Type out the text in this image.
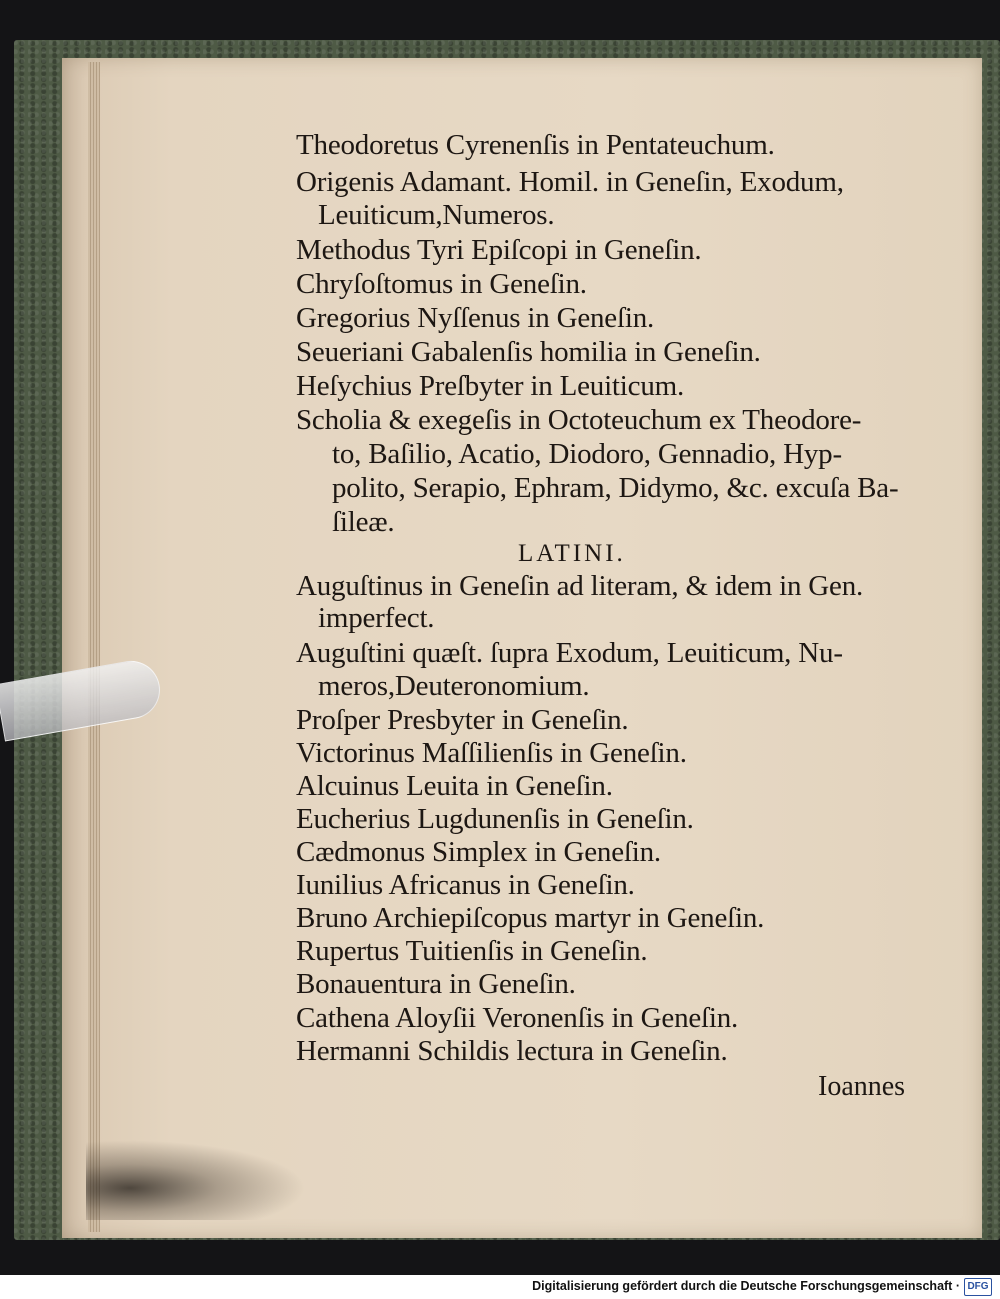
Theodoretus Cyrenenſis in Pentateuchum.
Origenis Adamant. Homil. in Geneſin, Exodum,
Leuiticum,Numeros.
Methodus Tyri Epiſcopi in Geneſin.
Chryſoſtomus in Geneſin.
Gregorius Nyſſenus in Geneſin.
Seueriani Gabalenſis homilia in Geneſin.
Heſychius Preſbyter in Leuiticum.
Scholia & exegeſis in Octoteuchum ex Theodore-
to, Baſilio, Acatio, Diodoro, Gennadio, Hyp-
polito, Serapio, Ephram, Didymo, &c. excuſa Ba-
ſileæ.
LATINI.
Auguſtinus in Geneſin ad literam, & idem in Gen.
imperfect.
Auguſtini quæſt. ſupra Exodum, Leuiticum, Nu-
meros,Deuteronomium.
Proſper Presbyter in Geneſin.
Victorinus Maſſilienſis in Geneſin.
Alcuinus Leuita in Geneſin.
Eucherius Lugdunenſis in Geneſin.
Cædmonus Simplex in Geneſin.
Iunilius Africanus in Geneſin.
Bruno Archiepiſcopus martyr in Geneſin.
Rupertus Tuitienſis in Geneſin.
Bonauentura in Geneſin.
Cathena Aloyſii Veronenſis in Geneſin.
Hermanni Schildis lectura in Geneſin.
Ioannes
Digitalisierung gefördert durch die Deutsche Forschungsgemeinschaft · DFG
